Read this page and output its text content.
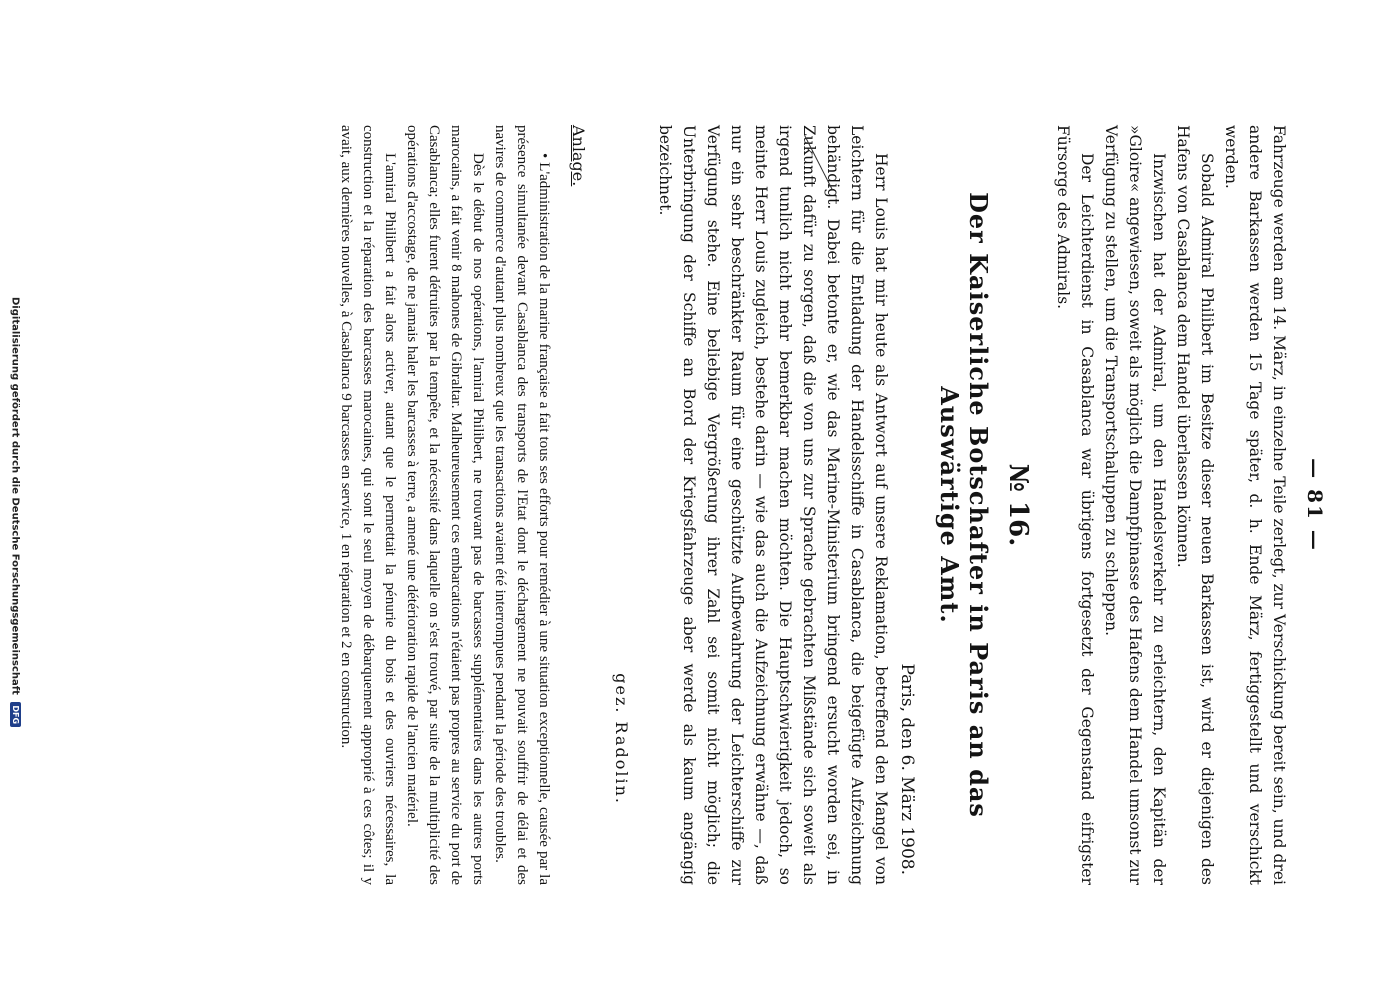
— 81 —

Fahrzeuge werden am 14. März, in einzelne Teile zerlegt, zur Verschickung bereit sein, und drei andere Barkassen werden 15 Tage später, d. h. Ende März, fertiggestellt und verschickt werden.

Sobald Admiral Philibert im Besitze dieser neuen Barkassen ist, wird er diejenigen des Hafens von Casablanca dem Handel überlassen können.

Inzwischen hat der Admiral, um den Handelsverkehr zu erleichtern, den Kapitän der »Gloire« angewiesen, soweit als möglich die Dampfpinasse des Hafens dem Handel umsonst zur Verfügung zu stellen, um die Transportschaluppen zu schleppen.

Der Leichterdienst in Casablanca war übrigens fortgesetzt der Gegenstand eifrigster Fürsorge des Admirals.

№ 16.
Der Kaiserliche Botschafter in Paris an das Auswärtige Amt.
Paris, den 6. März 1908.

Herr Louis hat mir heute als Antwort auf unsere Reklamation, betreffend den Mangel von Leichtern für die Entladung der Handelsschiffe in Casablanca, die beigefügte Aufzeichnung behändigt. Dabei betonte er, wie das Marine-Ministerium bringend ersucht worden sei, in Zukunft dafür zu sorgen, daß die von uns zur Sprache gebrachten Mißstände sich soweit als irgend tunlich nicht mehr bemerkbar machen möchten. Die Hauptschwierigkeit jedoch, so meinte Herr Louis zugleich, bestehe darin — wie das auch die Aufzeichnung erwähne —, daß nur ein sehr beschränkter Raum für eine geschützte Aufbewahrung der Leichterschiffe zur Verfügung stehe. Eine beliebige Vergrößerung ihrer Zahl sei somit nicht möglich; die Unterbringung der Schiffe an Bord der Kriegsfahrzeuge aber werde als kaum angängig bezeichnet.

gez. Radolin.
Anlage.

• L'administration de la marine française a fait tous ses efforts pour remédier à une situation exceptionnelle, causée par la présence simultanée devant Casablanca des transports de l'Etat dont le déchargement ne pouvait souffrir de délai et des navires de commerce d'autant plus nombreux que les transactions avaient été interrompues pendant la période des troubles.

Dès le début de nos opérations, l'amiral Philibert, ne trouvant pas de barcasses supplémentaires dans les autres ports marocains, a fait venir 8 mahones de Gibraltar. Malheureusement ces embarcations n'étaient pas propres au service du port de Casablanca; elles furent détruites par la tempête, et la nécessité dans laquelle on s'est trouvé, par suite de la multiplicité des opérations d'accostage, de ne jamais haler les barcasses à terre, a amené une détérioration rapide de l'ancien matériel.

L'amiral Philibert a fait alors activer, autant que le permettait la pénurie du bois et des ouvriers nécessaires, la construction et la réparation des barcasses marocaines, qui sont le seul moyen de débarquement approprié à ces côtes; il y avait, aux dernières nouvelles, à Casablanca 9 barcasses en service, 1 en réparation et 2 en construction.

Digitalisierung gefördert durch die Deutsche Forschungsgemeinschaft DFG
